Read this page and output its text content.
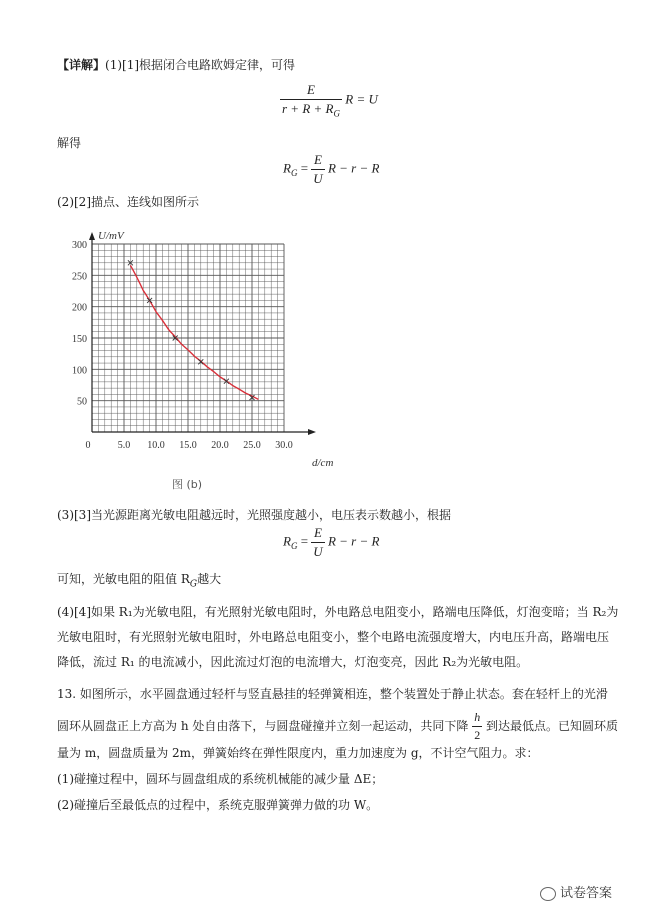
【详解】(1)[1]根据闭合电路欧姆定律，可得
$\frac{E}{r + R + R_G}$ R = U
解得
$R_G = \frac{E}{U}$ R − r − R
(2)[2]描点、连线如图所示
0	5.0 10.0 15.0 20.0 25.0 30.0
50
100
150
200
250
300
U/mV
d/cm
图 (b)
(3)[3]当光源距离光敏电阻越远时，光照强度越小，电压表示数越小，根据
$R_G = \frac{E}{U}$ R − r − R
可知，光敏电阻的阻值 $R_G$越大
(4)[4]如果 R₁为光敏电阻，有光照射光敏电阻时，外电路总电阻变小，路端电压降低，灯泡变暗；当 R₂为
光敏电阻时，有光照射光敏电阻时，外电路总电阻变小，整个电路电流强度增大，内电压升高，路端电压
降低，流过 R₁ 的电流减小，因此流过灯泡的电流增大，灯泡变亮，因此 R₂为光敏电阻。
13. 如图所示，水平圆盘通过轻杆与竖直悬挂的轻弹簧相连，整个装置处于静止状态。套在轻杆上的光滑
圆环从圆盘正上方高为 h 处自由落下，与圆盘碰撞并立刻一起运动，共同下降 $\frac{h}{2}$ 到达最低点。已知圆环质
量为 m，圆盘质量为 2m，弹簧始终在弹性限度内，重力加速度为 g，不计空气阻力。求：
(1)碰撞过程中，圆环与圆盘组成的系统机械能的减少量 ΔE；
(2)碰撞后至最低点的过程中，系统克服弹簧弹力做的功 W。
试卷答案
